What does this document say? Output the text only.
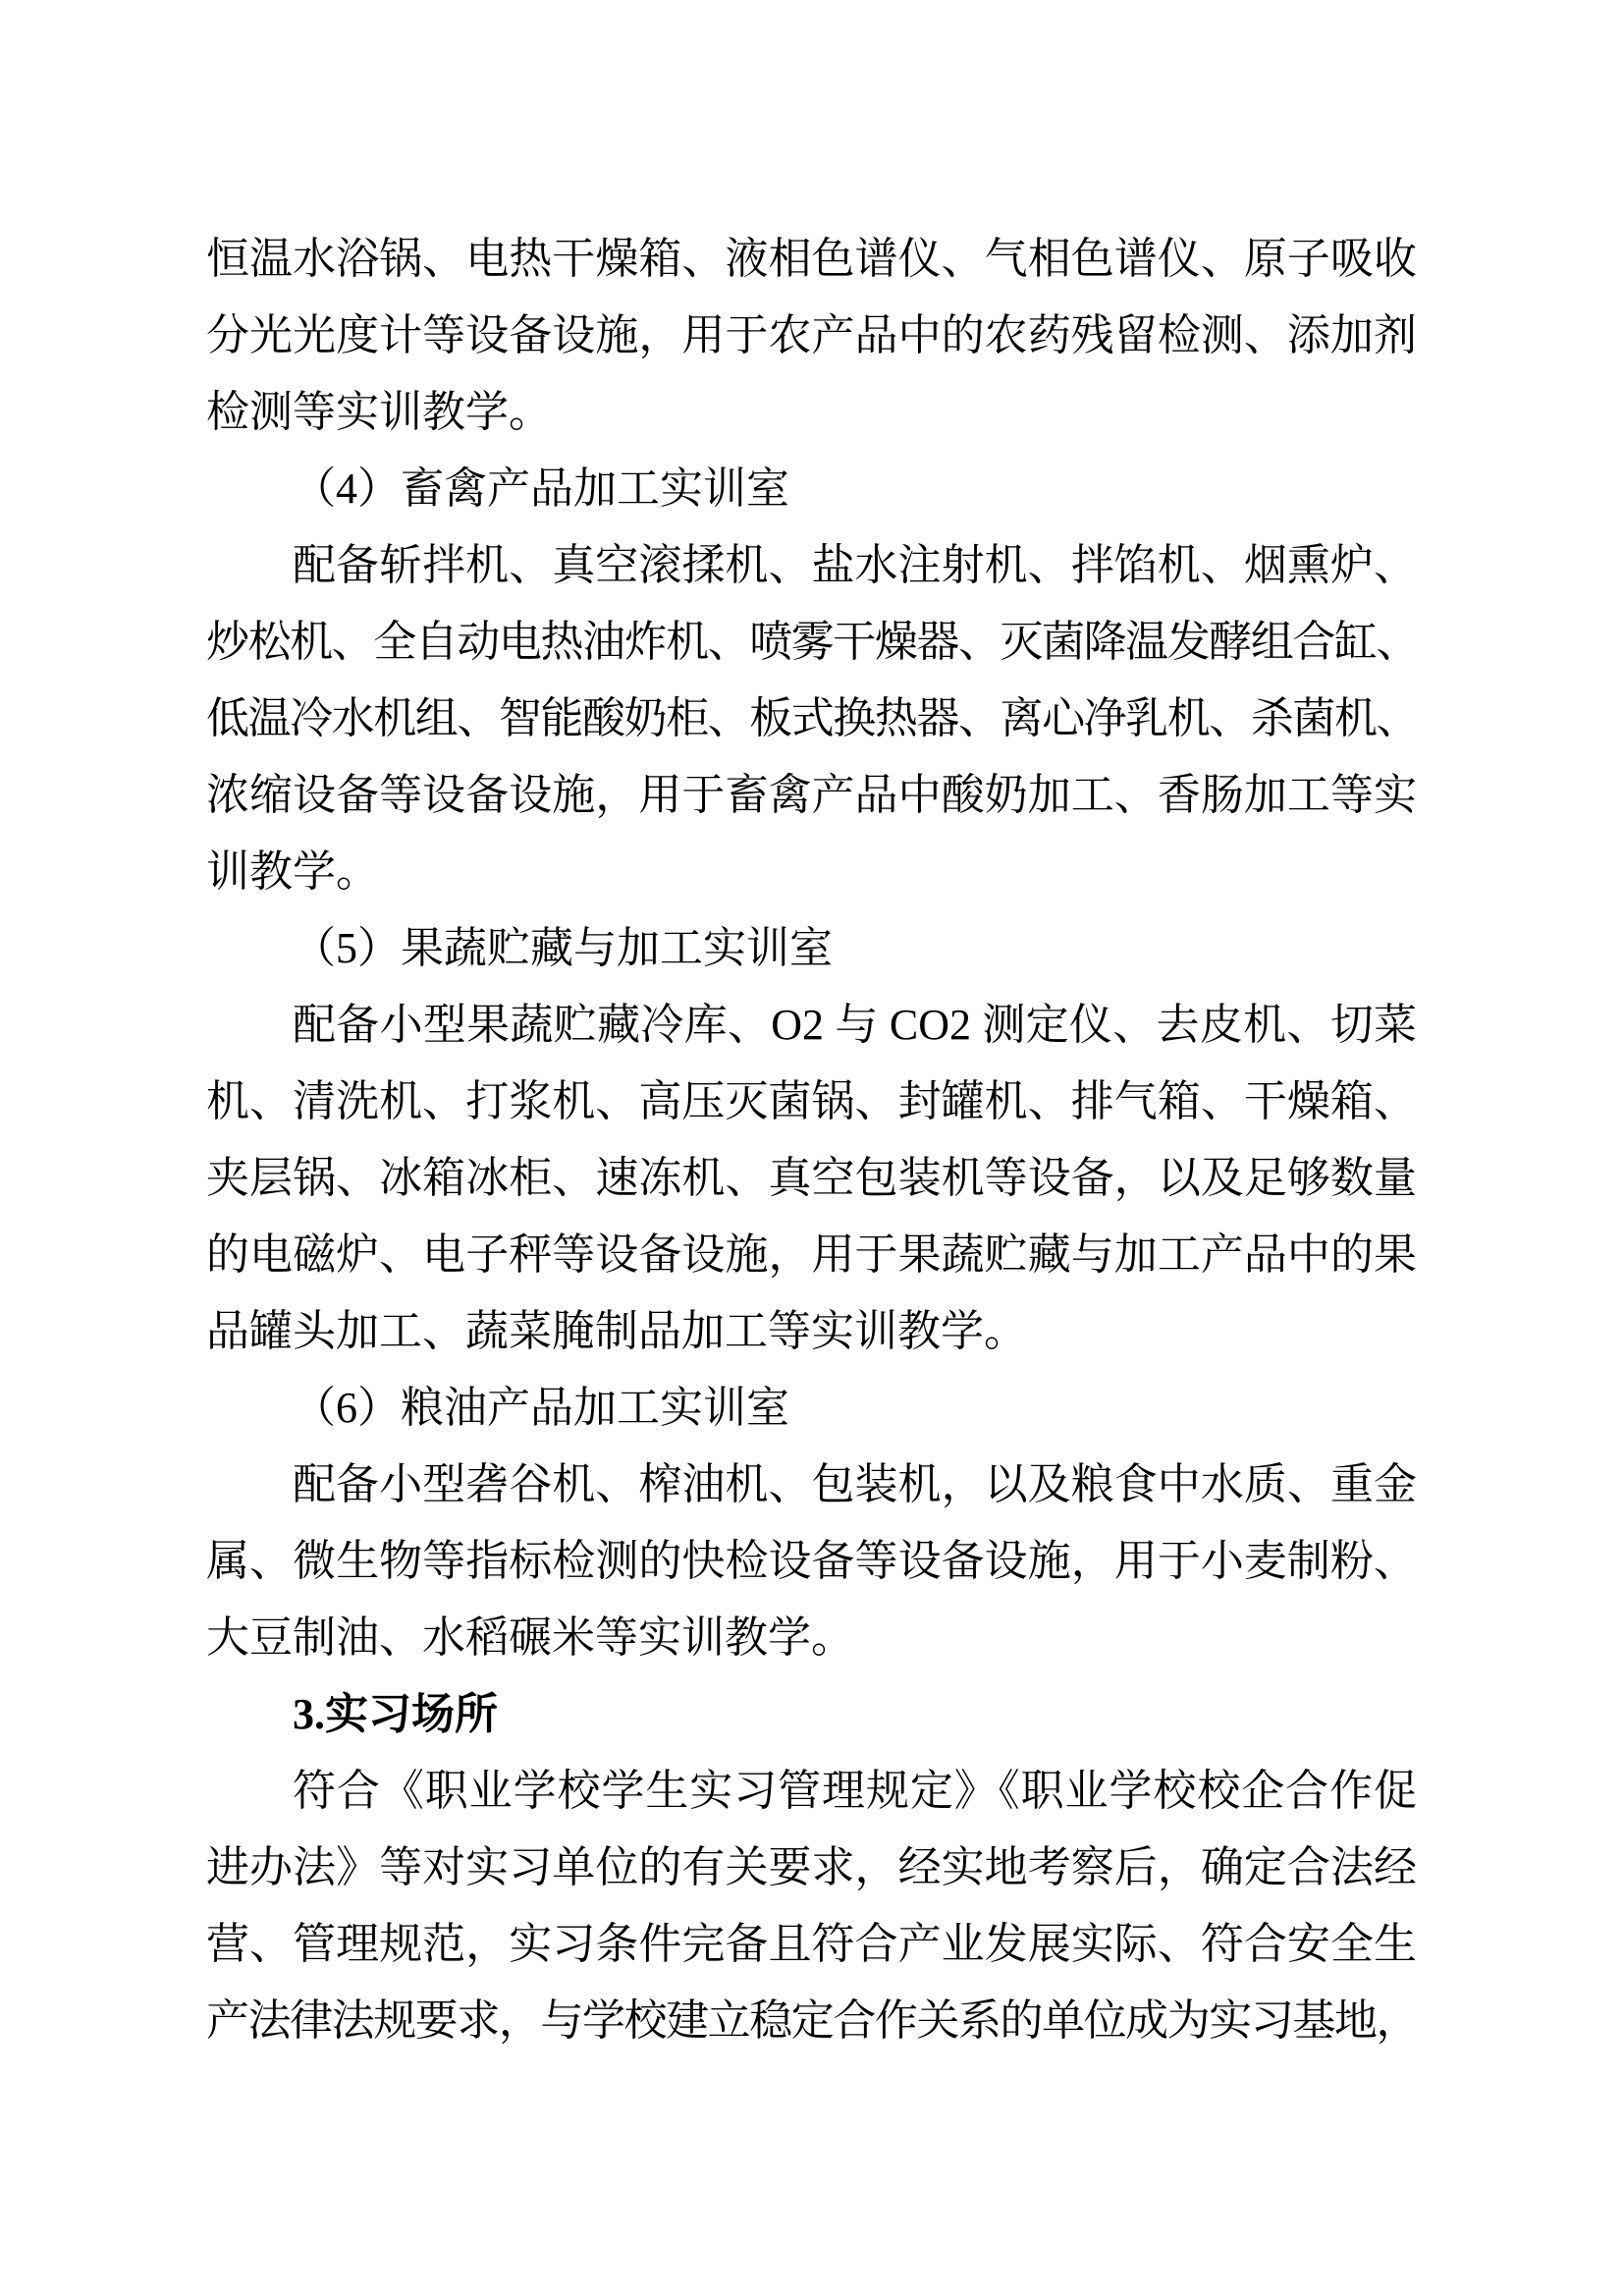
恒温水浴锅、电热干燥箱、液相色谱仪、气相色谱仪、原子吸收
分光光度计等设备设施，用于农产品中的农药残留检测、添加剂
检测等实训教学。
（4）畜禽产品加工实训室
配备斩拌机、真空滚揉机、盐水注射机、拌馅机、烟熏炉、
炒松机、全自动电热油炸机、喷雾干燥器、灭菌降温发酵组合缸、
低温冷水机组、智能酸奶柜、板式换热器、离心净乳机、杀菌机、
浓缩设备等设备设施，用于畜禽产品中酸奶加工、香肠加工等实
训教学。
（5）果蔬贮藏与加工实训室
配备小型果蔬贮藏冷库、O2 与 CO2 测定仪、去皮机、切菜
机、清洗机、打浆机、高压灭菌锅、封罐机、排气箱、干燥箱、
夹层锅、冰箱冰柜、速冻机、真空包装机等设备，以及足够数量
的电磁炉、电子秤等设备设施，用于果蔬贮藏与加工产品中的果
品罐头加工、蔬菜腌制品加工等实训教学。
（6）粮油产品加工实训室
配备小型砻谷机、榨油机、包装机，以及粮食中水质、重金
属、微生物等指标检测的快检设备等设备设施，用于小麦制粉、
大豆制油、水稻碾米等实训教学。
3.实习场所
符合《职业学校学生实习管理规定》《职业学校校企合作促
进办法》等对实习单位的有关要求，经实地考察后，确定合法经
营、管理规范，实习条件完备且符合产业发展实际、符合安全生
产法律法规要求，与学校建立稳定合作关系的单位成为实习基地，
